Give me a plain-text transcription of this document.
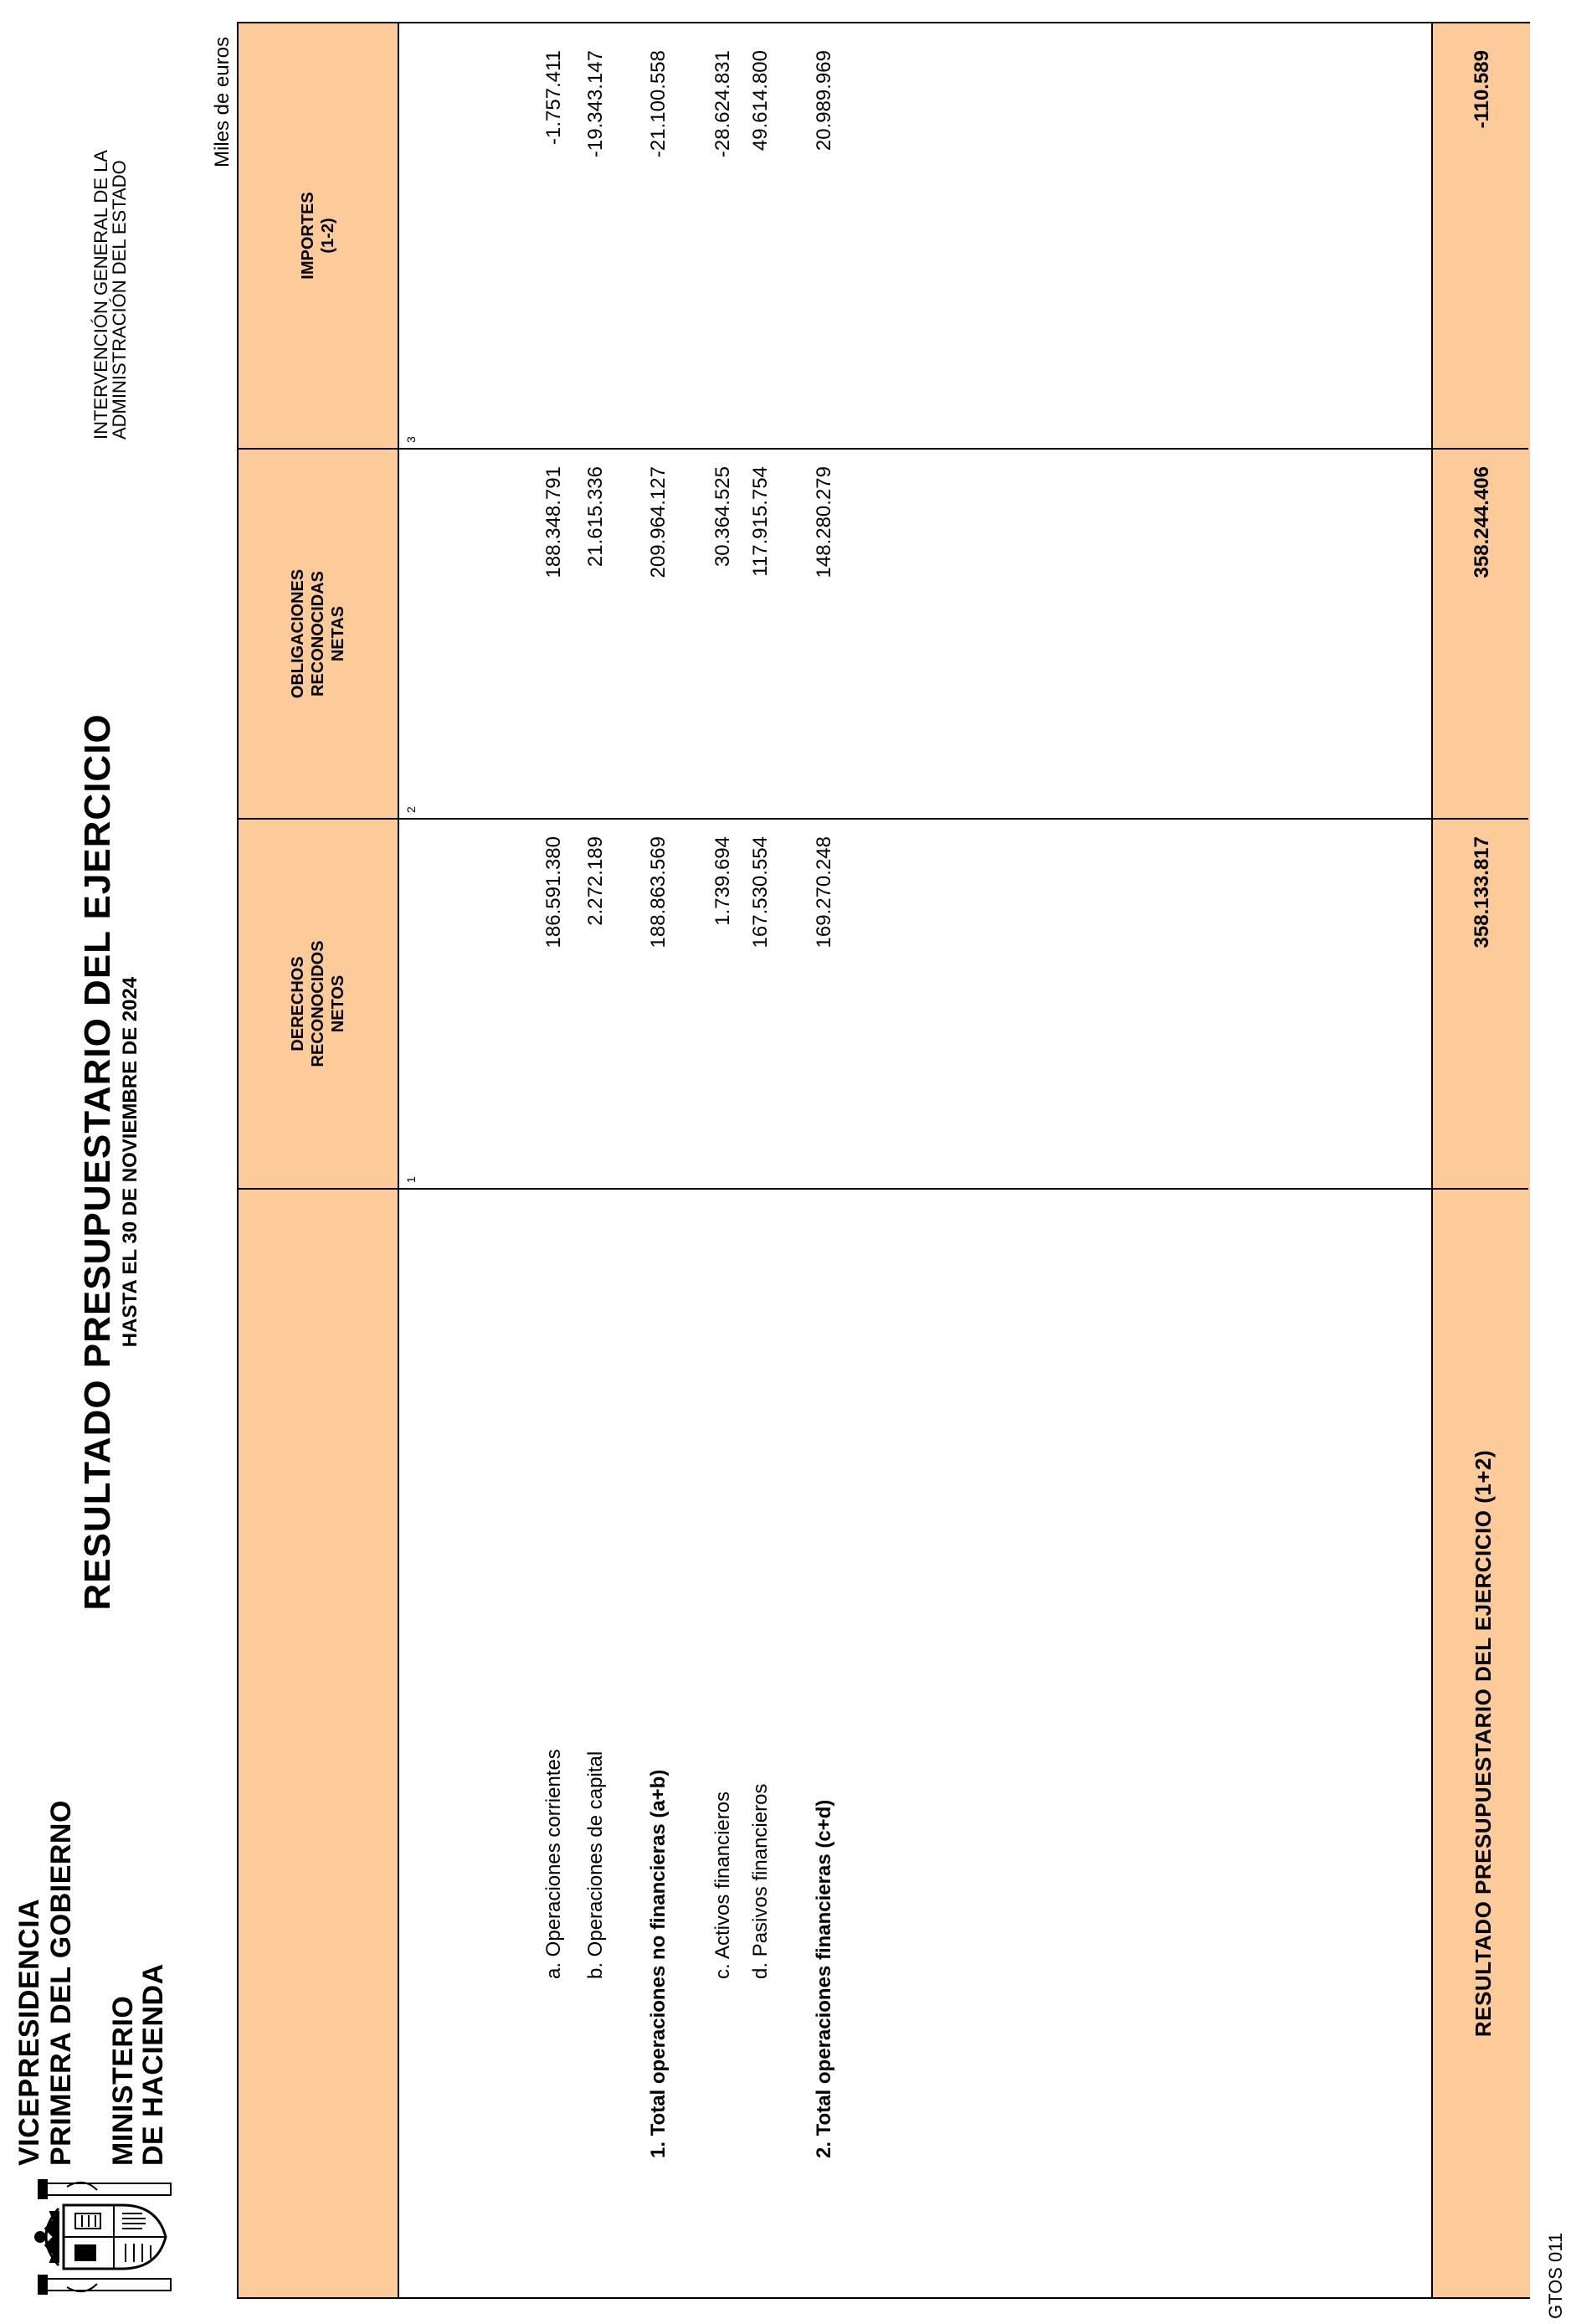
VICEPRESIDENCIA PRIMERA DEL GOBIERNO MINISTERIO
DE HACIENDA
RESULTADO PRESUPUESTARIO DEL EJERCICIO HASTA EL 30 DE NOVIEMBRE DE 2024
INTERVENCIÓN GENERAL DE LA
ADMINISTRACIÓN DEL ESTADO
Miles de euros
DERECHOS RECONOCIDOS NETOS
OBLIGACIONES RECONOCIDAS NETAS
IMPORTES (1-2)
1
2
3
a. Operaciones corrientes
186.591.380
188.348.791
-1.757.411
b. Operaciones de capital
2.272.189
21.615.336
-19.343.147
1. Total operaciones no financieras (a+b)
188.863.569
209.964.127
-21.100.558
c. Activos financieros
1.739.694
30.364.525
-28.624.831
d. Pasivos financieros
167.530.554
117.915.754
49.614.800
2. Total operaciones financieras (c+d)
169.270.248
148.280.279
20.989.969
RESULTADO PRESUPUESTARIO DEL EJERCICIO (1+2)
358.133.817
358.244.406
-110.589
GTOS 011
